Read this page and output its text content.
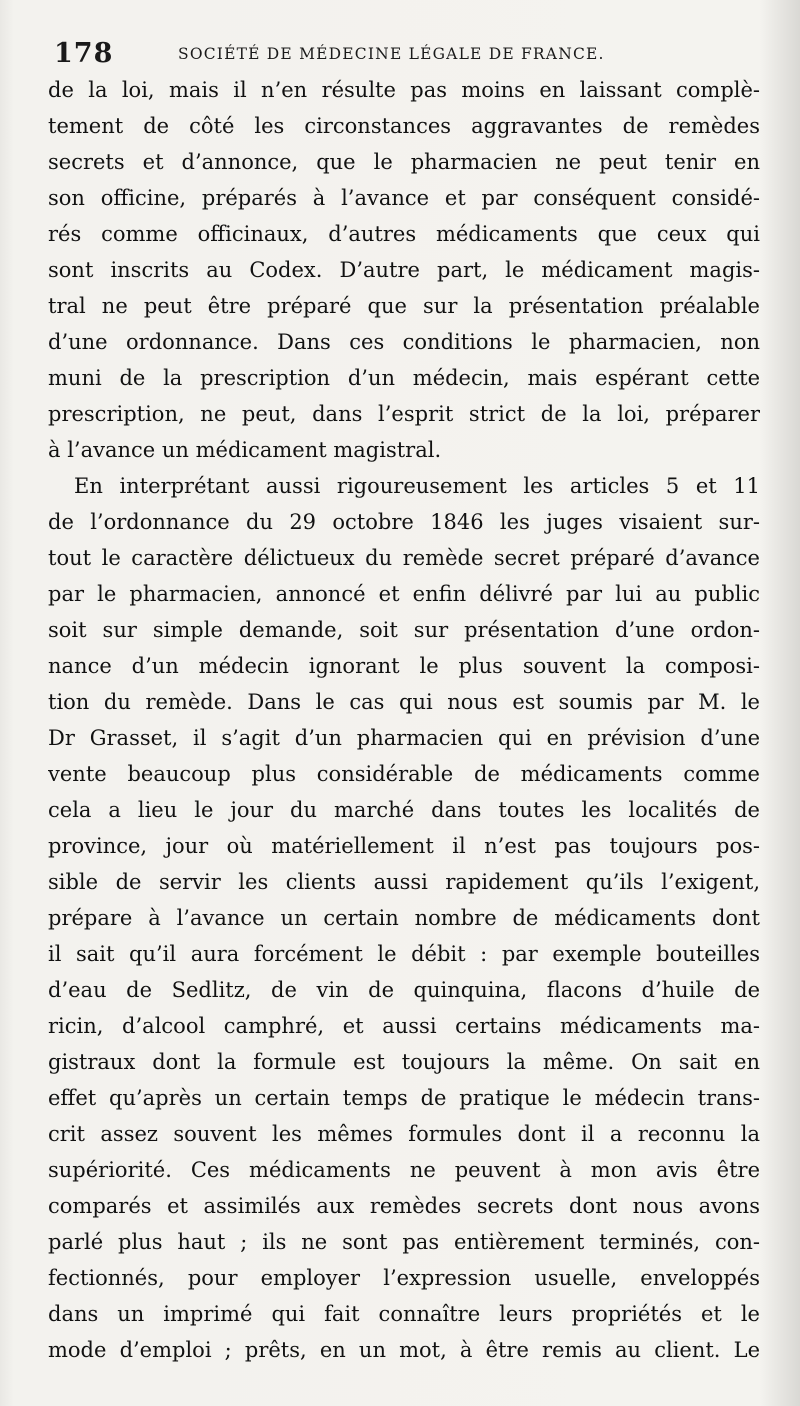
178	SOCIÉTÉ DE MÉDECINE LÉGALE DE FRANCE.
de la loi, mais il n’en résulte pas moins en laissant complè-
tement de côté les circonstances aggravantes de remèdes
secrets et d’annonce, que le pharmacien ne peut tenir en
son officine, préparés à l’avance et par conséquent considé-
rés comme officinaux, d’autres médicaments que ceux qui
sont inscrits au Codex. D’autre part, le médicament magis-
tral ne peut être préparé que sur la présentation préalable
d’une ordonnance. Dans ces conditions le pharmacien, non
muni de la prescription d’un médecin, mais espérant cette
prescription, ne peut, dans l’esprit strict de la loi, préparer
à l’avance un médicament magistral.
En interprétant aussi rigoureusement les articles 5 et 11
de l’ordonnance du 29 octobre 1846 les juges visaient sur-
tout le caractère délictueux du remède secret préparé d’avance
par le pharmacien, annoncé et enfin délivré par lui au public
soit sur simple demande, soit sur présentation d’une ordon-
nance d’un médecin ignorant le plus souvent la composi-
tion du remède. Dans le cas qui nous est soumis par M. le
Dr Grasset, il s’agit d’un pharmacien qui en prévision d’une
vente beaucoup plus considérable de médicaments comme
cela a lieu le jour du marché dans toutes les localités de
province, jour où matériellement il n’est pas toujours pos-
sible de servir les clients aussi rapidement qu’ils l’exigent,
prépare à l’avance un certain nombre de médicaments dont
il sait qu’il aura forcément le débit : par exemple bouteilles
d’eau de Sedlitz, de vin de quinquina, flacons d’huile de
ricin, d’alcool camphré, et aussi certains médicaments ma-
gistraux dont la formule est toujours la même. On sait en
effet qu’après un certain temps de pratique le médecin trans-
crit assez souvent les mêmes formules dont il a reconnu la
supériorité. Ces médicaments ne peuvent à mon avis être
comparés et assimilés aux remèdes secrets dont nous avons
parlé plus haut ; ils ne sont pas entièrement terminés, con-
fectionnés, pour employer l’expression usuelle, enveloppés
dans un imprimé qui fait connaître leurs propriétés et le
mode d’emploi ; prêts, en un mot, à être remis au client. Le
